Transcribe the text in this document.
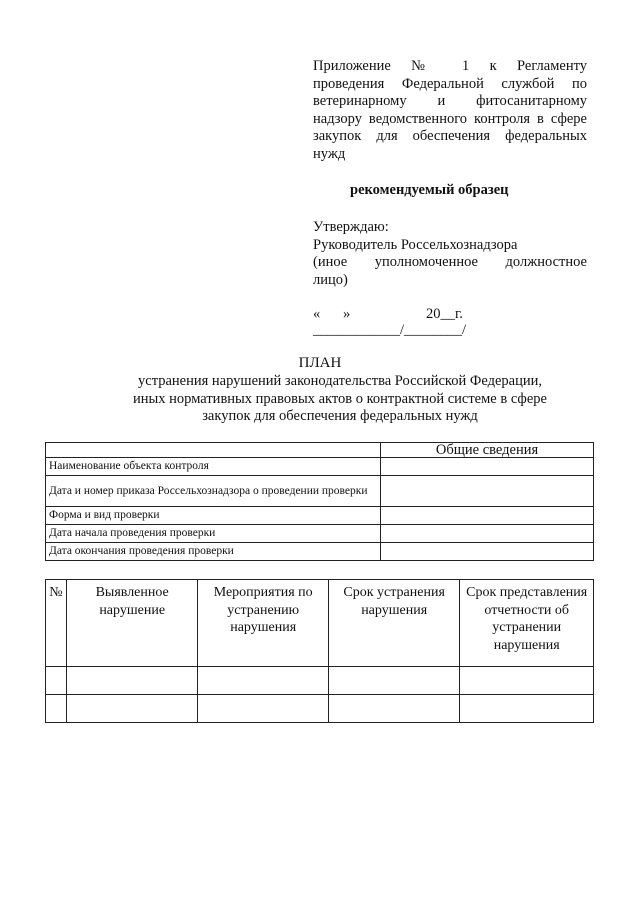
Приложение № 1 к Регламенту
проведения Федеральной службой по
ветеринарному и фитосанитарному
надзору ведомственного контроля в сфере
закупок для обеспечения федеральных
нужд
рекомендуемый образец
Утверждаю:
Руководитель Россельхознадзора
(иное уполномоченное должностное
лицо)
« »	20__г.
____________/________/
ПЛАН
устранения нарушений законодательства Российской Федерации,
иных нормативных правовых актов о контрактной системе в сфере
закупок для обеспечения федеральных нужд
	Общие сведения
Наименование объекта контроля	
Дата и номер приказа Россельхознадзора о проведении проверки	
Форма и вид проверки	
Дата начала проведения проверки	
Дата окончания проведения проверки	
№	Выявленное нарушение	Мероприятия по устранению нарушения	Срок устранения нарушения	Срок представления отчетности об устранении нарушения
